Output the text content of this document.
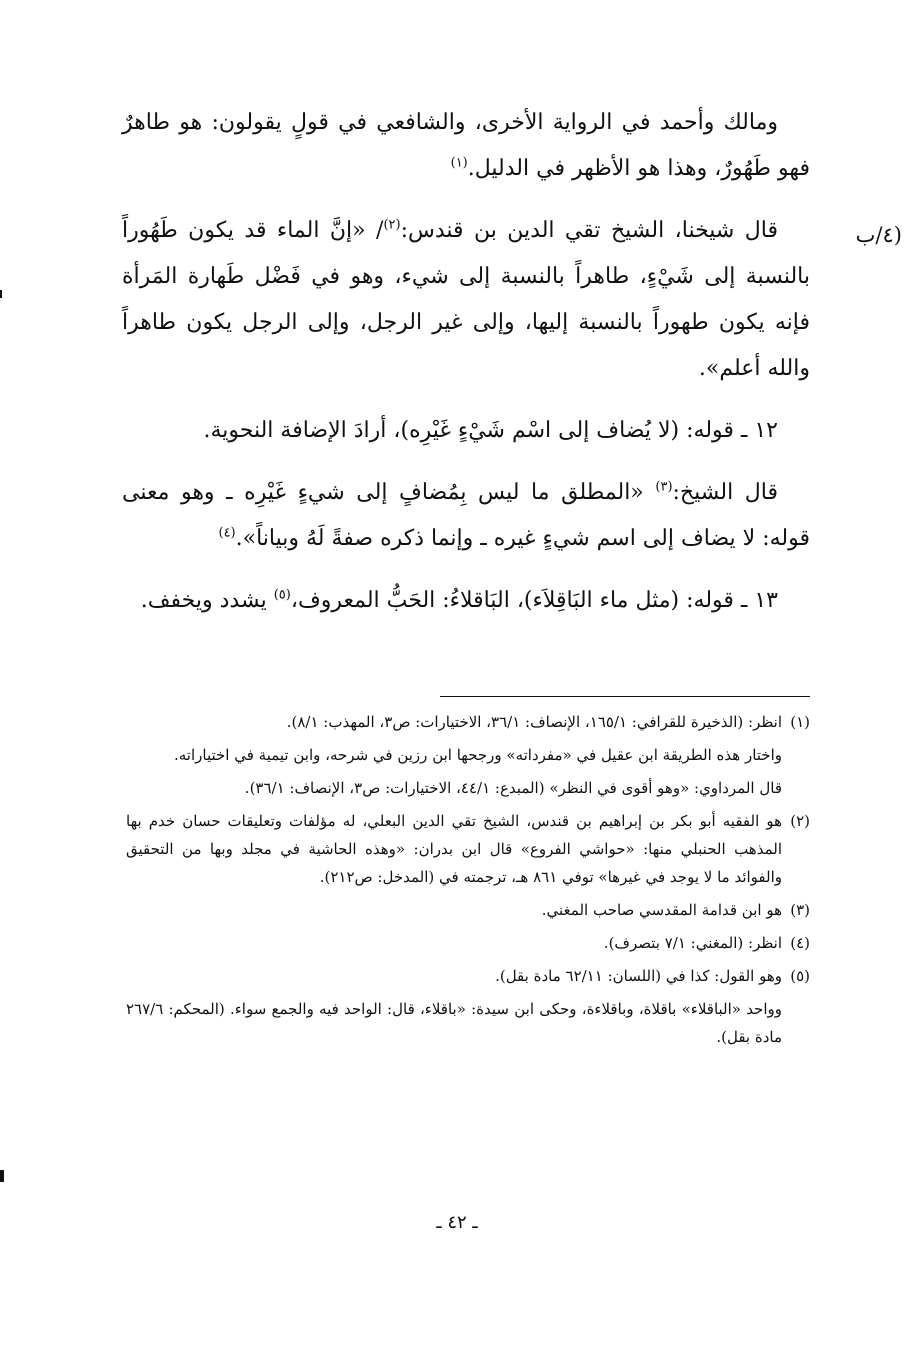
(٤/ب

ومالك وأحمد في الرواية الأخرى، والشافعي في قولٍ يقولون: هو طاهرٌ فهو طَهُورٌ، وهذا هو الأظهر في الدليل.$^{(١)}$

قال شيخنا، الشيخ تقي الدين بن قندس:$^{(٢)}$/ «إنَّ الماء قد يكون طَهُوراً بالنسبة إلى شَيْءٍ، طاهراً بالنسبة إلى شيء، وهو في فَضْل طَهارة المَرأة فإنه يكون طهوراً بالنسبة إليها، وإلى غير الرجل، وإلى الرجل يكون طاهراً والله أعلم».

١٢ ـ قوله: (لا يُضاف إلى اسْم شَيْءٍ غَيْرِه)، أرادَ الإضافة النحوية.

قال الشيخ:$^{(٣)}$ «المطلق ما ليس بِمُضافٍ إلى شيءٍ غَيْرِه ـ وهو معنى قوله: لا يضاف إلى اسم شيءٍ غيره ـ وإنما ذكره صفةً لَهُ وبياناً».$^{(٤)}$

١٣ ـ قوله: (مثل ماء البَاقِلاَء)، البَاقلاءُ: الحَبُّ المعروف،$^{(٥)}$ يشدد ويخفف.

(١)

انظر: (الذخيرة للقرافي: ١٦٥/١، الإنصاف: ٣٦/١، الاختيارات: ص٣، المهذب: ٨/١).

واختار هذه الطريقة ابن عقيل في «مفرداته» ورجحها ابن رزين في شرحه، وابن تيمية في اختياراته.

قال المرداوي: «وهو أقوى في النظر» (المبدع: ٤٤/١، الاختيارات: ص٣، الإنصاف: ٣٦/١).

(٢)

هو الفقيه أبو بكر بن إبراهيم بن قندس، الشيخ تقي الدين البعلي، له مؤلفات وتعليقات حسان خدم بها المذهب الحنبلي منها: «حواشي الفروع» قال ابن بدران: «وهذه الحاشية في مجلد وبها من التحقيق والفوائد ما لا يوجد في غيرها» توفي ٨٦١ هـ، ترجمته في (المدخل: ص٢١٢).

(٣)

هو ابن قدامة المقدسي صاحب المغني.

(٤)

انظر: (المغني: ٧/١ بتصرف).

(٥)

وهو القول: كذا في (اللسان: ٦٢/١١ مادة بقل).

وواحد «الباقلاء» باقلاة، وباقلاءة، وحكى ابن سيدة: «باقلاء، قال: الواحد فيه والجمع سواء. (المحكم: ٢٦٧/٦ مادة بقل).

ـ ٤٢ ـ
